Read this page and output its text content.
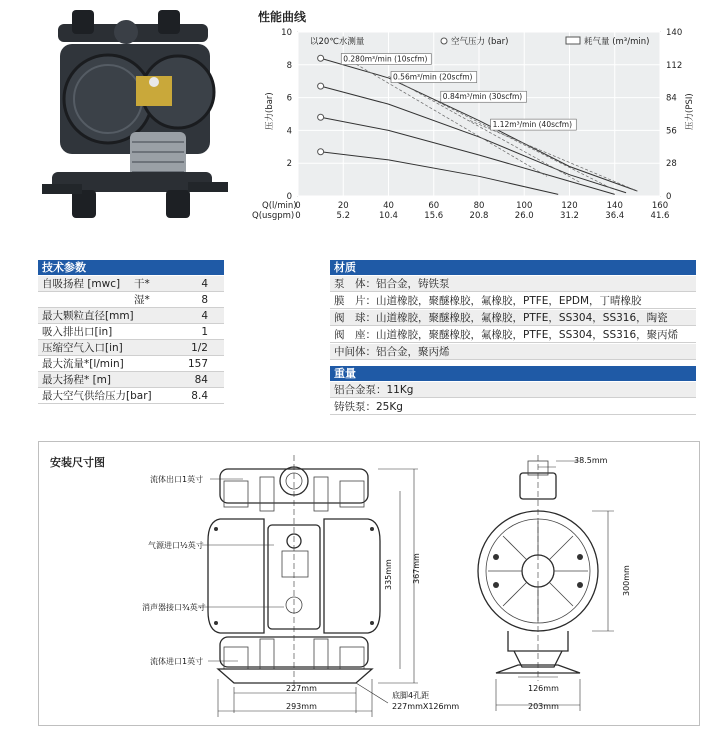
性能曲线
0
2
4
6
8
10
0
28
56
84
112
140
0
0
20
5.2
40
10.4
60
15.6
80
20.8
100
26.0
120
31.2
140
36.4
160
41.6
Q(l/min)
Q(usgpm)
压力(bar)	压力(PSI)
以20℃水测量	空气压力 (bar)	耗气量 (m³/min)
0.280m³/min (10scfm)
0.56m³/min (20scfm)
0.84m³/min (30scfm)
1.12m³/min (40scfm)
技术参数
自吸扬程 [mwc] 干*	4
湿*	8
最大颗粒直径[mm]	4
吸入排出口[in]	1
压缩空气入口[in]	1/2
最大流量*[l/min]	157
最大扬程* [m]	84
最大空气供给压力[bar]	8.4
材质
泵　体：铝合金，铸铁泵
膜　片：山道橡胶，聚醚橡胶，氟橡胶，PTFE，EPDM，丁晴橡胶
阀　球：山道橡胶，聚醚橡胶，氟橡胶，PTFE，SS304，SS316，陶瓷
阀　座：山道橡胶，聚醚橡胶，氟橡胶，PTFE，SS304，SS316，聚丙烯
中间体：铝合金，聚丙烯
重量
铝合金泵：11Kg
铸铁泵：25Kg
安装尺寸图
流体出口1英寸
气源进口½英寸
消声器接口¾英寸
流体进口1英寸
227mm
293mm
335mm 367mm
底脚4孔距
227mmX126mm
38.5mm
300mm
126mm
203mm
